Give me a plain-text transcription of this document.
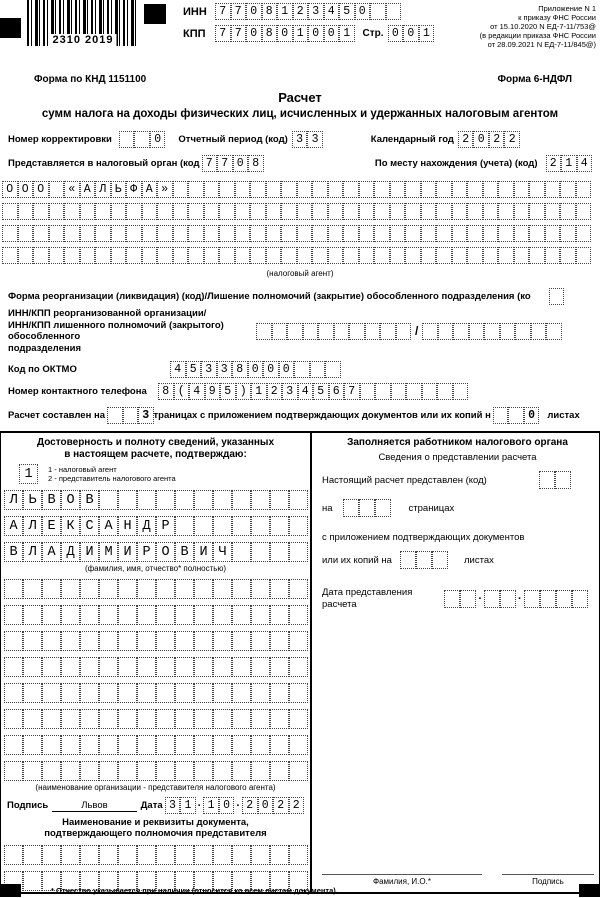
2310 2019
ИНН	7 7 0 8 1 2 3 4 5 0
КПП	7 7 0 8 0 1 0 0 1	Стр. 0 0 1
Приложение N 1
к приказу ФНС России
от 15.10.2020 N ЕД-7-11/753@
(в редакции приказа ФНС России
от 28.09.2021 N ЕД-7-11/845@)
Форма по КНД 1151100	Форма 6-НДФЛ
Расчет
сумм налога на доходы физических лиц, исчисленных и удержанных налоговым агентом
Номер корректировки	0	Отчетный период (код) 3 3	Календарный год 2 0 2 2
Представляется в налоговый орган (код 7 7 0 8	По месту нахождения (учета) (код)	2 1 4
О О О	« А Л Ь Ф А »
(налоговый агент)
Форма реорганизации (ликвидация) (код)/Лишение полномочий (закрытие) обособленного подразделения (ко
ИНН/КПП реорганизованной организации/
ИНН/КПП лишенного полномочий (закрытого) обособленного
подразделения
/
Код по ОКТМО	4 5 3 3 8 0 0 0
Номер контактного телефона	8 ( 4 9 5 ) 1 2 3 4 5 6 7
Расчет составлен на	3 траницах с приложением подтверждающих документов или их копий н	0	листах
Достоверность и полноту сведений, указанных
в настоящем расчете, подтверждаю:
1	1 - налоговый агент
2 - представитель налогового агента
Л Ь В О В
А Л Е К С А Н Д Р
В Л А Д И М И Р О В И Ч
(фамилия, имя, отчество* полностью)
(наименование организации - представителя налогового агента)
Подпись	Львов	Дата 3 1 · 1 0 · 2 0 2 2
Наименование и реквизиты документа,
подтверждающего полномочия представителя
Заполняется работником налогового органа
Сведения о представлении расчета
Настоящий расчет представлен (код)
на	страницах
с приложением подтверждающих документов
или их копий на	листах
Дата представления
расчета	·	·
Фамилия, И.О.*	Подпись
* Отчество указывается при наличии (относится ко всем листам документа).
